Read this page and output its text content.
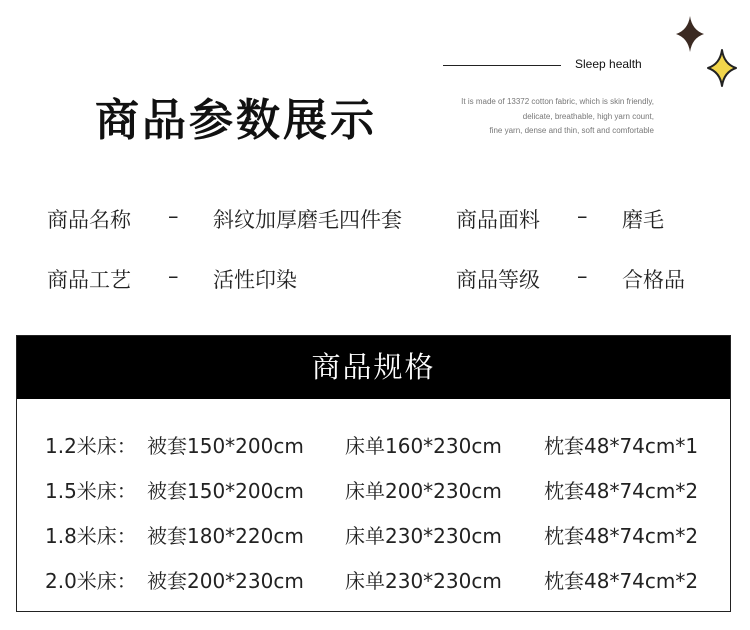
商品参数展示
Sleep health
It is made of 13372 cotton fabric, which is skin friendly,
delicate, breathable, high yarn count,
fine yarn, dense and thin, soft and comfortable
商品名称 – 斜纹加厚磨毛四件套	商品面料 – 磨毛
商品工艺 – 活性印染	商品等级 – 合格品
商品规格
1.2米床： 被套150*200cm 床单160*230cm 枕套48*74cm*1
1.5米床： 被套150*200cm 床单200*230cm 枕套48*74cm*2
1.8米床： 被套180*220cm 床单230*230cm 枕套48*74cm*2
2.0米床： 被套200*230cm 床单230*230cm 枕套48*74cm*2
